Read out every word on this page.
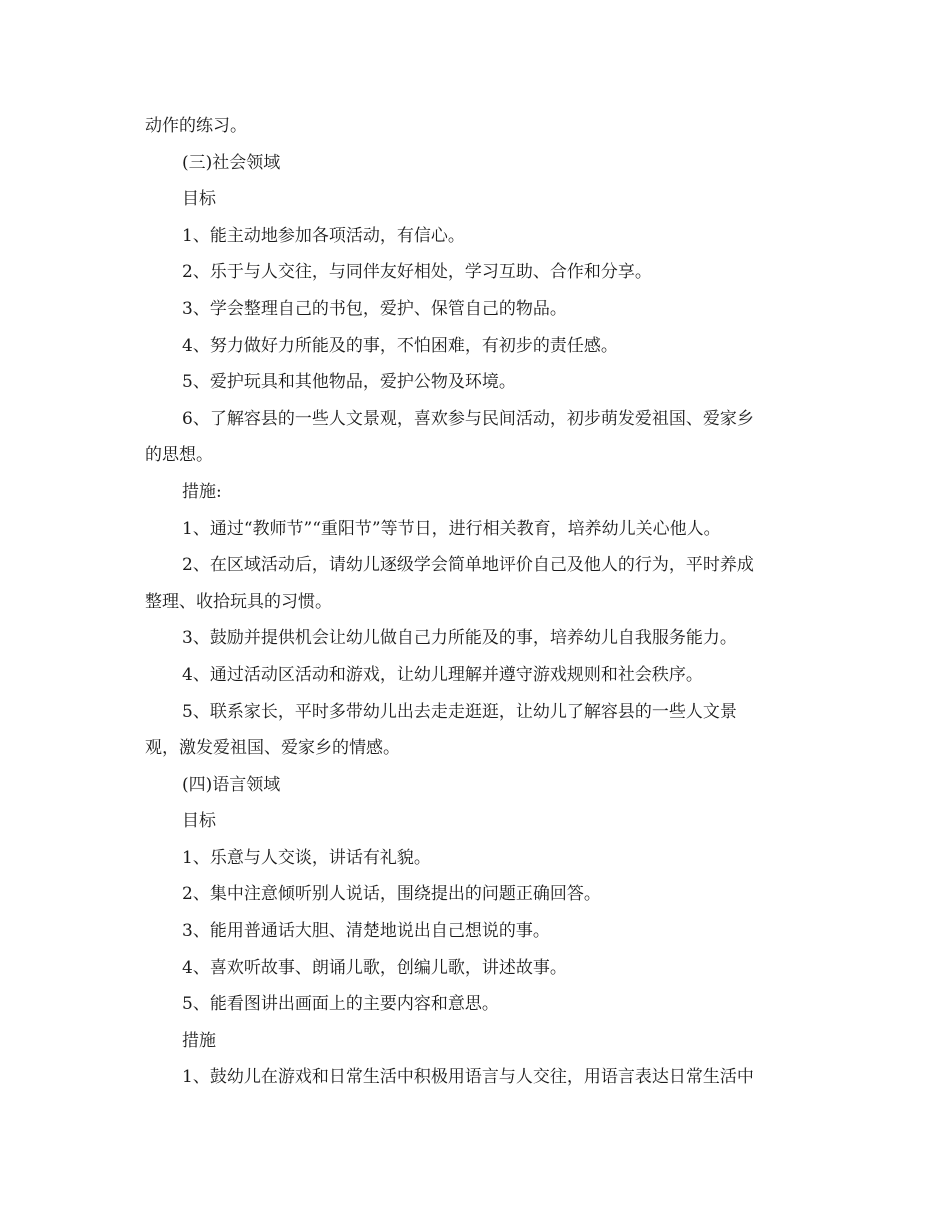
动作的练习。
(三)社会领域
目标
1、能主动地参加各项活动，有信心。
2、乐于与人交往，与同伴友好相处，学习互助、合作和分享。
3、学会整理自己的书包，爱护、保管自己的物品。
4、努力做好力所能及的事，不怕困难，有初步的责任感。
5、爱护玩具和其他物品，爱护公物及环境。
6、了解容县的一些人文景观，喜欢参与民间活动，初步萌发爱祖国、爱家乡
的思想。
措施:
1、通过“教师节”“重阳节”等节日，进行相关教育，培养幼儿关心他人。
2、在区域活动后，请幼儿逐级学会简单地评价自己及他人的行为，平时养成
整理、收拾玩具的习惯。
3、鼓励并提供机会让幼儿做自己力所能及的事，培养幼儿自我服务能力。
4、通过活动区活动和游戏，让幼儿理解并遵守游戏规则和社会秩序。
5、联系家长，平时多带幼儿出去走走逛逛，让幼儿了解容县的一些人文景
观，激发爱祖国、爱家乡的情感。
(四)语言领域
目标
1、乐意与人交谈，讲话有礼貌。
2、集中注意倾听别人说话，围绕提出的问题正确回答。
3、能用普通话大胆、清楚地说出自己想说的事。
4、喜欢听故事、朗诵儿歌，创编儿歌，讲述故事。
5、能看图讲出画面上的主要内容和意思。
措施
1、鼓幼儿在游戏和日常生活中积极用语言与人交往，用语言表达日常生活中
